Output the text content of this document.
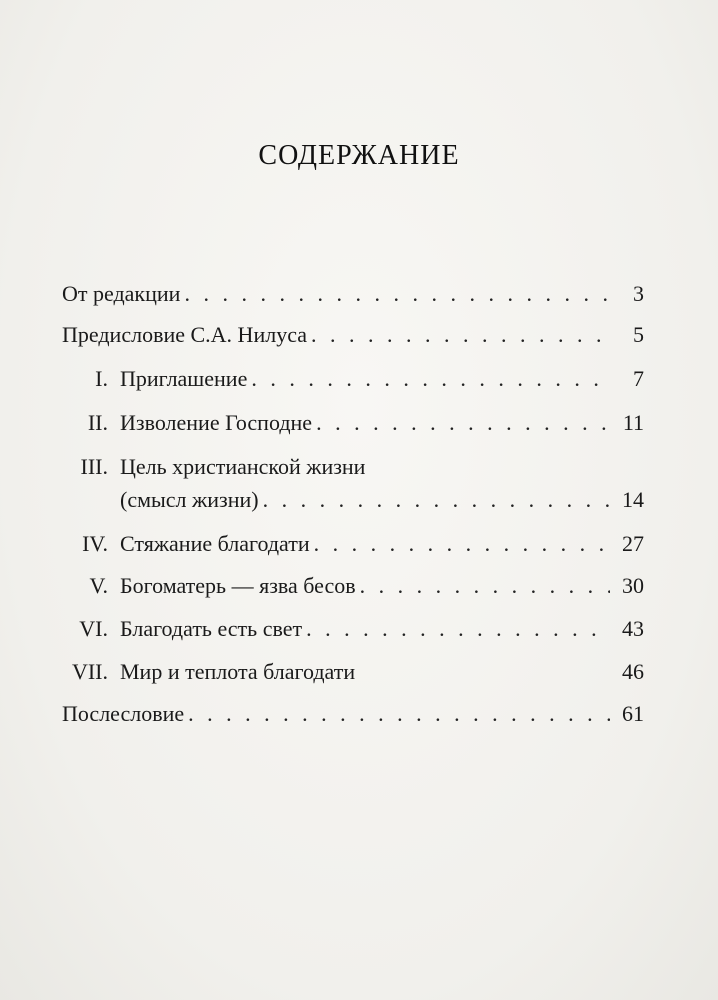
СОДЕРЖАНИЕ
От редакции . . .	3
Предисловие С.А. Нилуса . . .	5
I. Приглашение . . .	7
II. Изволение Господне . . .	11
III. Цель христианской жизни
(смысл жизни) . . .	14
IV. Стяжание благодати . . .	27
V. Богоматерь — язва бесов . . .	30
VI. Благодать есть свет . . .	43
VII. Мир и теплота благодати	46
Послесловие . . .	61
